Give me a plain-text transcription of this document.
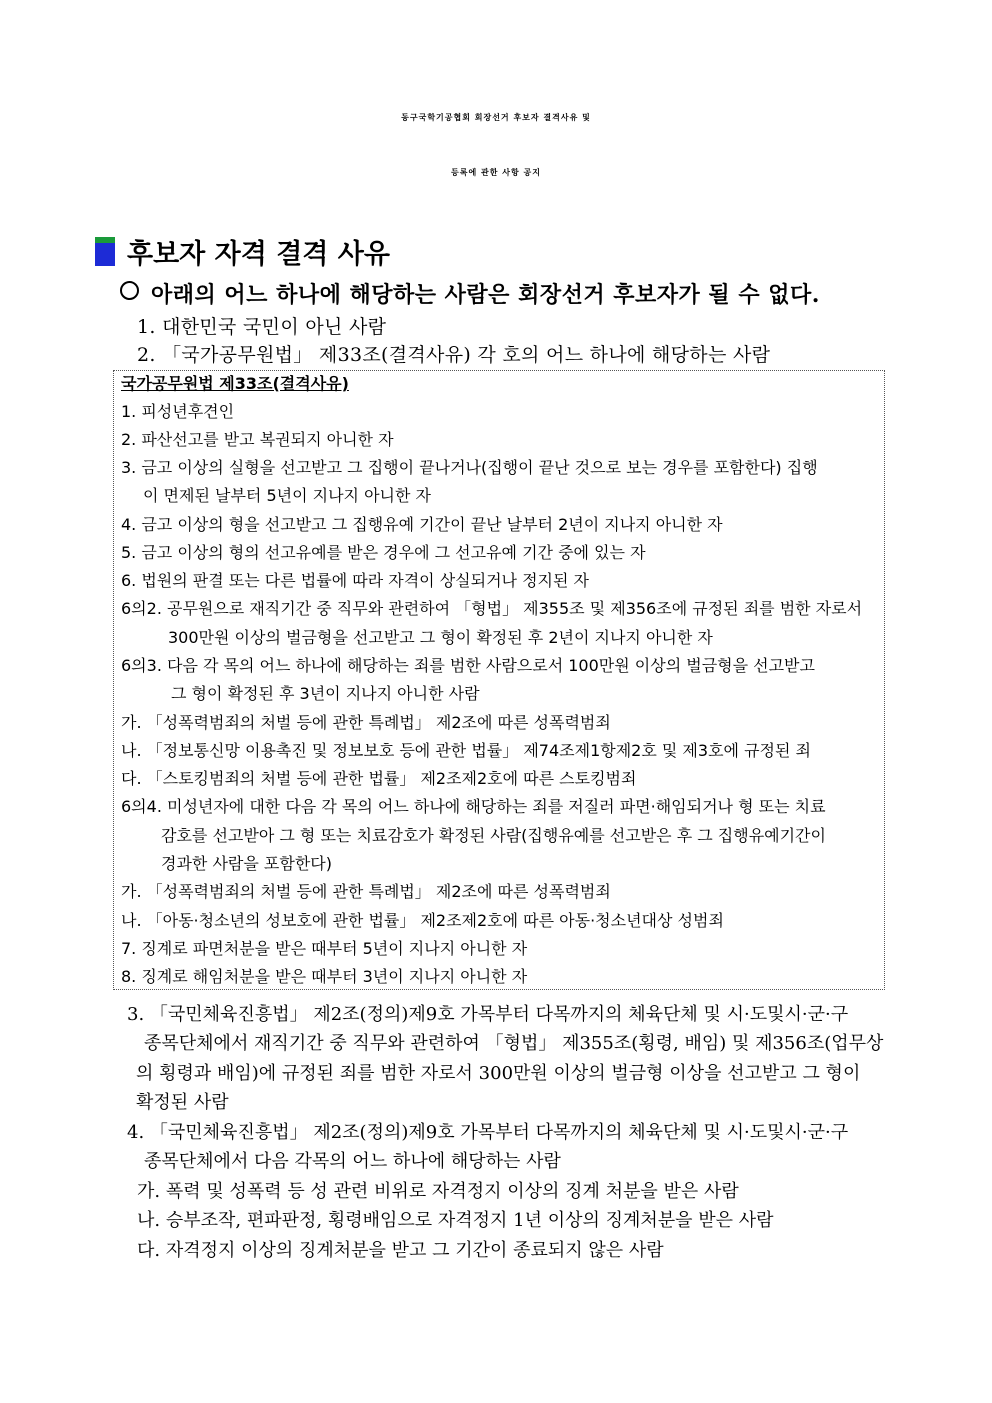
동구국학기공협회 회장선거 후보자 결격사유 및
등록에 관한 사항 공지
후보자 자격 결격 사유
아래의 어느 하나에 해당하는 사람은 회장선거 후보자가 될 수 없다.
1. 대한민국 국민이 아닌 사람
2. 「국가공무원법」 제33조(결격사유) 각 호의 어느 하나에 해당하는 사람
국가공무원법 제33조(결격사유)
1. 피성년후견인
2. 파산선고를 받고 복권되지 아니한 자
3. 금고 이상의 실형을 선고받고 그 집행이 끝나거나(집행이 끝난 것으로 보는 경우를 포함한다) 집행
이 면제된 날부터 5년이 지나지 아니한 자
4. 금고 이상의 형을 선고받고 그 집행유예 기간이 끝난 날부터 2년이 지나지 아니한 자
5. 금고 이상의 형의 선고유예를 받은 경우에 그 선고유예 기간 중에 있는 자
6. 법원의 판결 또는 다른 법률에 따라 자격이 상실되거나 정지된 자
6의2. 공무원으로 재직기간 중 직무와 관련하여 「형법」 제355조 및 제356조에 규정된 죄를 범한 자로서
300만원 이상의 벌금형을 선고받고 그 형이 확정된 후 2년이 지나지 아니한 자
6의3. 다음 각 목의 어느 하나에 해당하는 죄를 범한 사람으로서 100만원 이상의 벌금형을 선고받고
그 형이 확정된 후 3년이 지나지 아니한 사람
가. 「성폭력범죄의 처벌 등에 관한 특례법」 제2조에 따른 성폭력범죄
나. 「정보통신망 이용촉진 및 정보보호 등에 관한 법률」 제74조제1항제2호 및 제3호에 규정된 죄
다. 「스토킹범죄의 처벌 등에 관한 법률」 제2조제2호에 따른 스토킹범죄
6의4. 미성년자에 대한 다음 각 목의 어느 하나에 해당하는 죄를 저질러 파면·해임되거나 형 또는 치료
감호를 선고받아 그 형 또는 치료감호가 확정된 사람(집행유예를 선고받은 후 그 집행유예기간이
경과한 사람을 포함한다)
가. 「성폭력범죄의 처벌 등에 관한 특례법」 제2조에 따른 성폭력범죄
나. 「아동·청소년의 성보호에 관한 법률」 제2조제2호에 따른 아동·청소년대상 성범죄
7. 징계로 파면처분을 받은 때부터 5년이 지나지 아니한 자
8. 징계로 해임처분을 받은 때부터 3년이 지나지 아니한 자
3. 「국민체육진흥법」 제2조(정의)제9호 가목부터 다목까지의 체육단체 및 시·도및시·군·구
종목단체에서 재직기간 중 직무와 관련하여 「형법」 제355조(횡령, 배임) 및 제356조(업무상
의 횡령과 배임)에 규정된 죄를 범한 자로서 300만원 이상의 벌금형 이상을 선고받고 그 형이
확정된 사람
4. 「국민체육진흥법」 제2조(정의)제9호 가목부터 다목까지의 체육단체 및 시·도및시·군·구
종목단체에서 다음 각목의 어느 하나에 해당하는 사람
가. 폭력 및 성폭력 등 성 관련 비위로 자격정지 이상의 징계 처분을 받은 사람
나. 승부조작, 편파판정, 횡령배임으로 자격정지 1년 이상의 징계처분을 받은 사람
다. 자격정지 이상의 징계처분을 받고 그 기간이 종료되지 않은 사람
